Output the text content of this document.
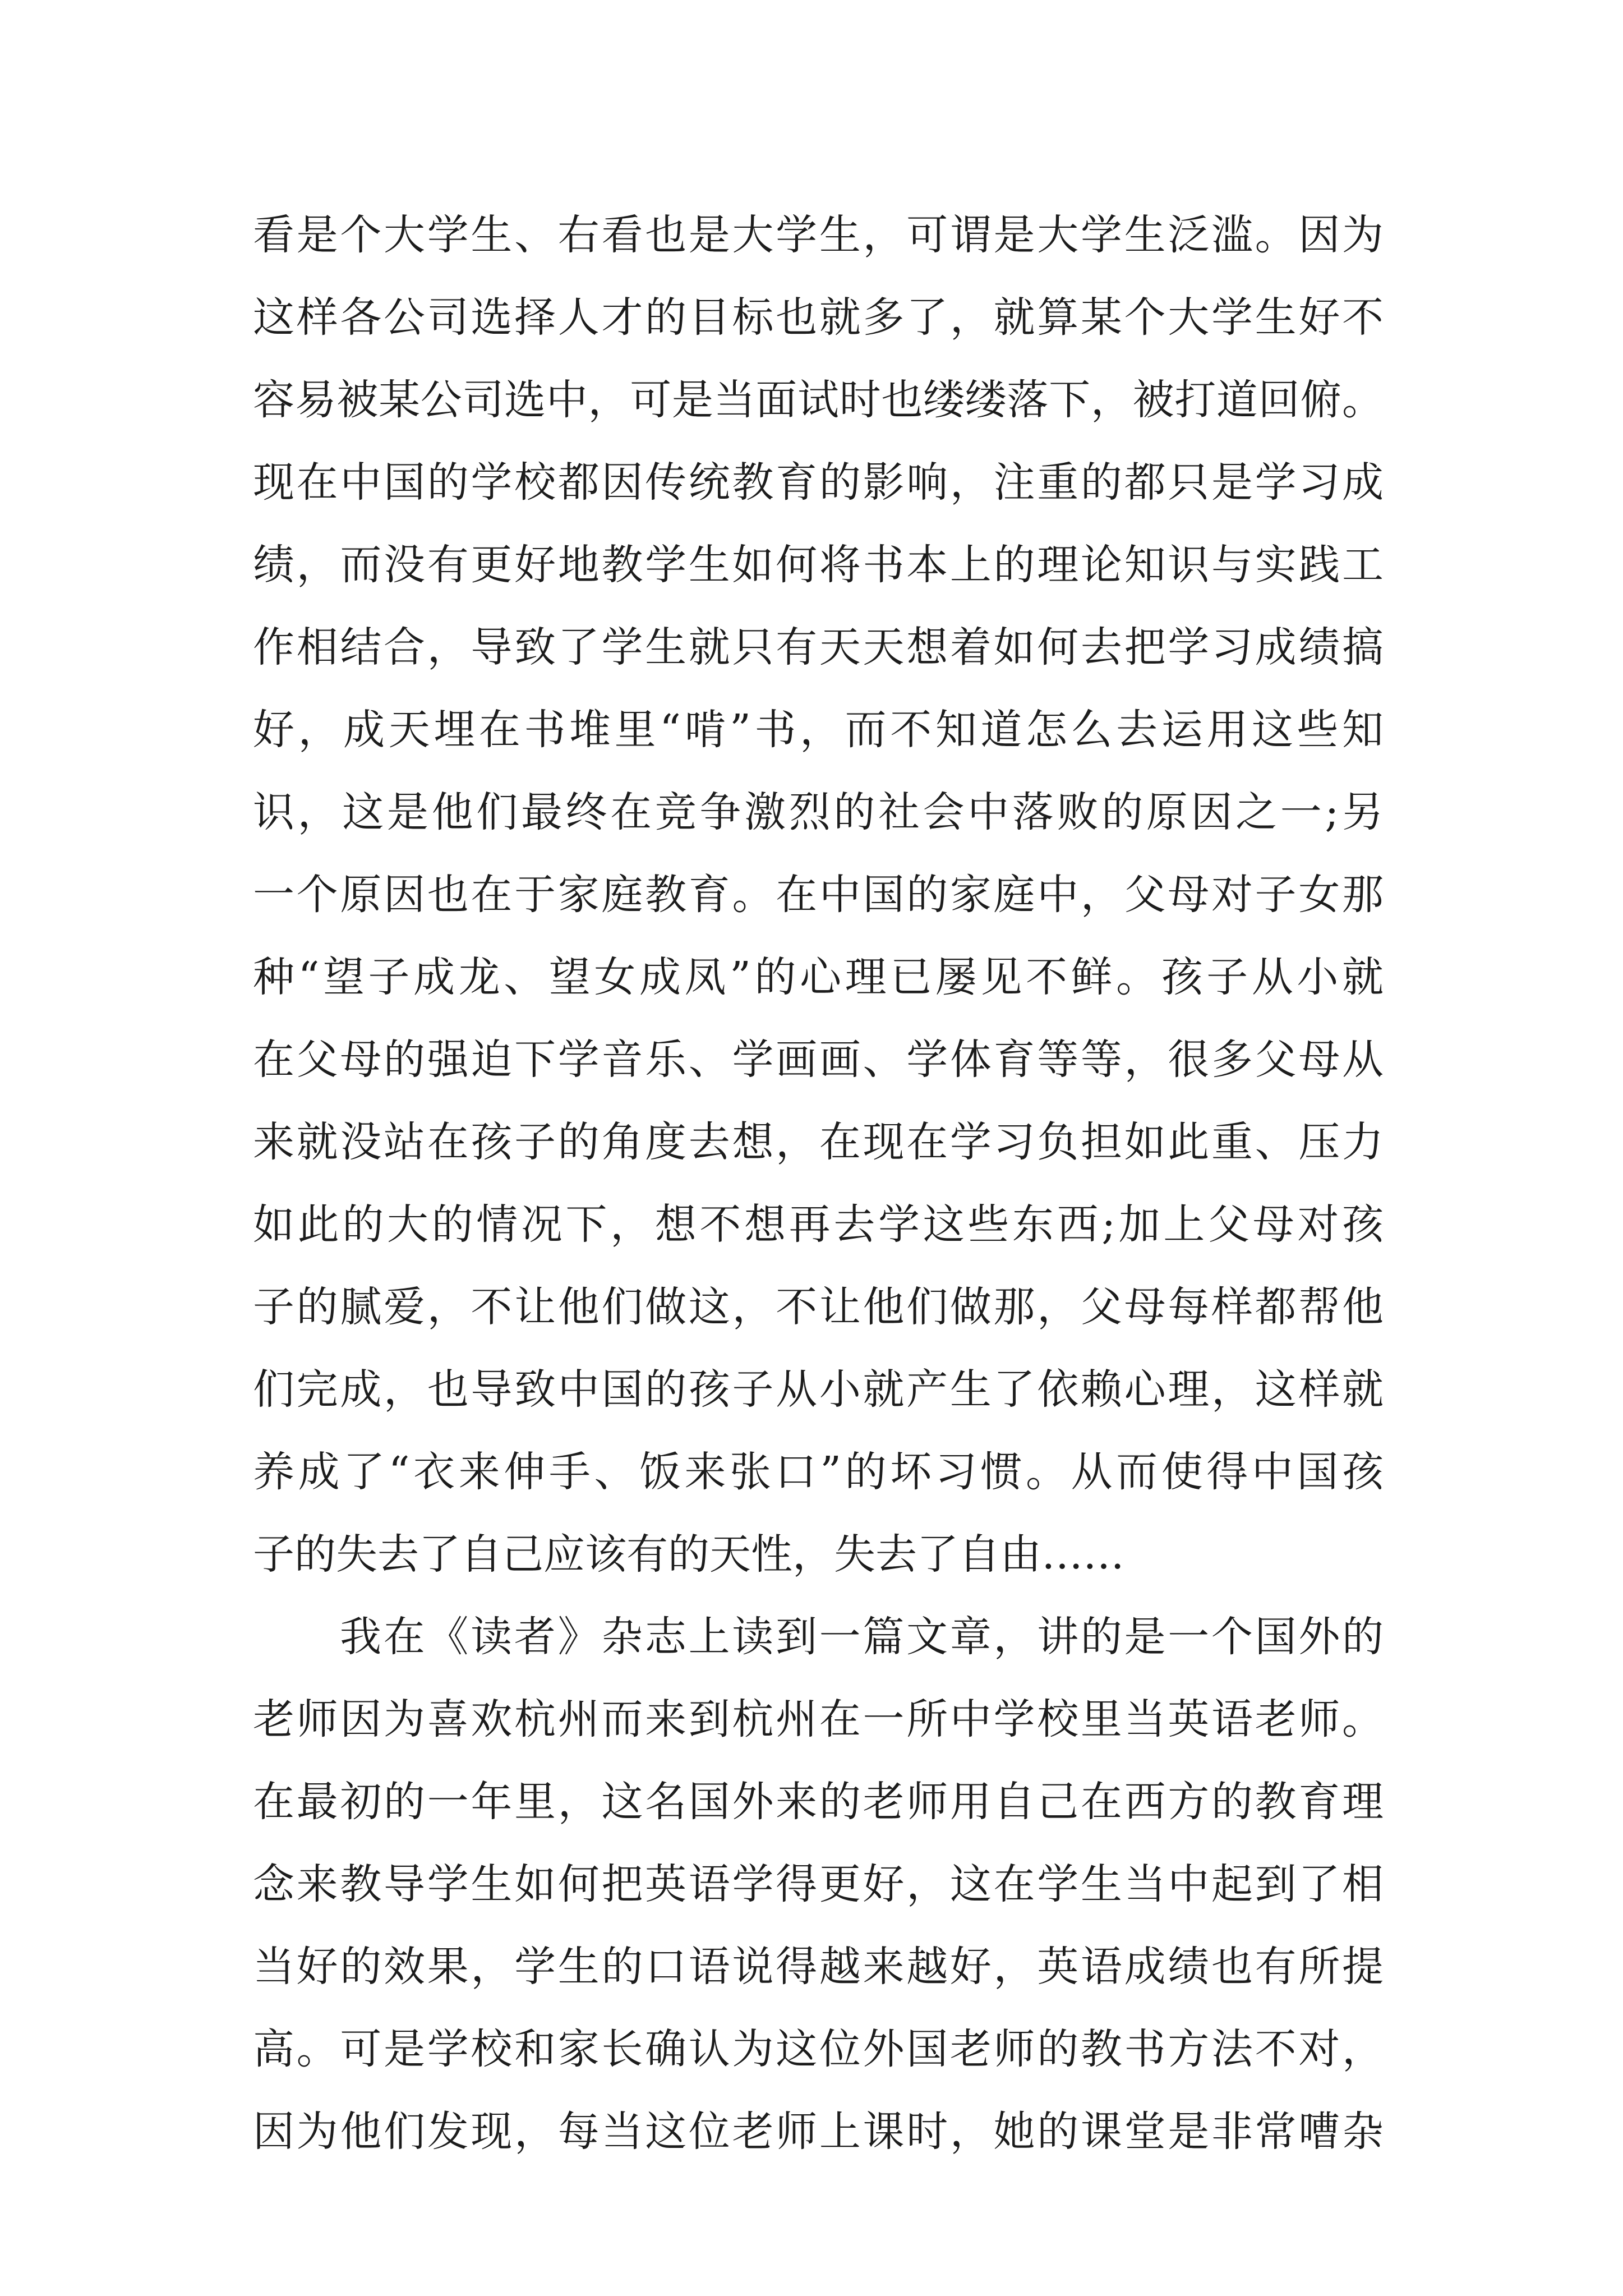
看是个大学生、右看也是大学生，可谓是大学生泛滥。因为
这样各公司选择人才的目标也就多了，就算某个大学生好不
容易被某公司选中，可是当面试时也缕缕落下，被打道回俯。
现在中国的学校都因传统教育的影响，注重的都只是学习成
绩，而没有更好地教学生如何将书本上的理论知识与实践工
作相结合，导致了学生就只有天天想着如何去把学习成绩搞
好，成天埋在书堆里“啃”书，而不知道怎么去运用这些知
识，这是他们最终在竞争激烈的社会中落败的原因之一;另
一个原因也在于家庭教育。在中国的家庭中，父母对子女那
种“望子成龙、望女成凤”的心理已屡见不鲜。孩子从小就
在父母的强迫下学音乐、学画画、学体育等等，很多父母从
来就没站在孩子的角度去想，在现在学习负担如此重、压力
如此的大的情况下，想不想再去学这些东西;加上父母对孩
子的腻爱，不让他们做这，不让他们做那，父母每样都帮他
们完成，也导致中国的孩子从小就产生了依赖心理，这样就
养成了“衣来伸手、饭来张口”的坏习惯。从而使得中国孩
子的失去了自己应该有的天性，失去了自由……
我在《读者》杂志上读到一篇文章，讲的是一个国外的
老师因为喜欢杭州而来到杭州在一所中学校里当英语老师。
在最初的一年里，这名国外来的老师用自己在西方的教育理
念来教导学生如何把英语学得更好，这在学生当中起到了相
当好的效果，学生的口语说得越来越好，英语成绩也有所提
高。可是学校和家长确认为这位外国老师的教书方法不对，
因为他们发现，每当这位老师上课时，她的课堂是非常嘈杂
